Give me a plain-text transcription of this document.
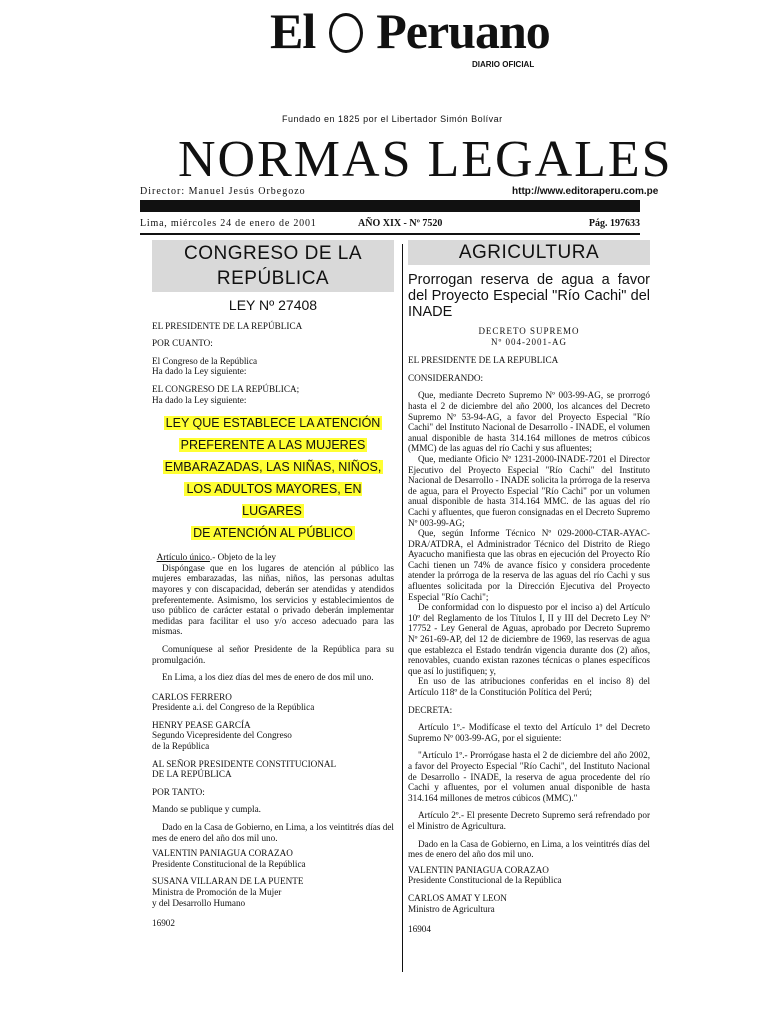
El  Peruano
DIARIO OFICIAL
Fundado en 1825 por el Libertador Simón Bolívar
NORMAS LEGALES
Director: Manuel Jesús Orbegozo	http://www.editoraperu.com.pe
Lima, miércoles 24 de enero de 2001	AÑO XIX - Nº 7520	Pág. 197633
CONGRESO DE LA REPÚBLICA
LEY Nº 27408

EL PRESIDENTE DE LA REPÚBLICA

POR CUANTO:

El Congreso de la República

Ha dado la Ley siguiente:

EL CONGRESO DE LA REPÚBLICA;

Ha dado la Ley siguiente:

LEY QUE ESTABLECE LA ATENCIÓN
PREFERENTE A LAS MUJERES
EMBARAZADAS, LAS NIÑAS, NIÑOS,
LOS ADULTOS MAYORES, EN LUGARES
DE ATENCIÓN AL PÚBLICO

Artículo único.- Objeto de la ley

Dispóngase que en los lugares de atención al público las mujeres embarazadas, las niñas, niños, las personas adultas mayores y con discapacidad, deberán ser atendidas y atendidos preferentemente. Asimismo, los servicios y establecimientos de uso público de carácter estatal o privado deberán implementar medidas para facilitar el uso y/o acceso adecuado para las mismas.

Comuníquese al señor Presidente de la República para su promulgación.

En Lima, a los diez días del mes de enero de dos mil uno.

CARLOS FERRERO

Presidente a.i. del Congreso de la República

HENRY PEASE GARCÍA

Segundo Vicepresidente del Congreso

de la República

AL SEÑOR PRESIDENTE CONSTITUCIONAL

DE LA REPÚBLICA

POR TANTO:

Mando se publique y cumpla.

Dado en la Casa de Gobierno, en Lima, a los veintitrés días del mes de enero del año dos mil uno.

VALENTIN PANIAGUA CORAZAO

Presidente Constitucional de la República

SUSANA VILLARAN DE LA PUENTE

Ministra de Promoción de la Mujer

y del Desarrollo Humano

16902

AGRICULTURA
Prorrogan reserva de agua a favor del Proyecto Especial "Río Cachi" del INADE
DECRETO SUPREMO
Nº 004-2001-AG

EL PRESIDENTE DE LA REPUBLICA

CONSIDERANDO:

Que, mediante Decreto Supremo Nº 003-99-AG, se prorrogó hasta el 2 de diciembre del año 2000, los alcances del Decreto Supremo Nº 53-94-AG, a favor del Proyecto Especial "Río Cachi" del Instituto Nacional de Desarrollo - INADE, el volumen anual disponible de hasta 314.164 millones de metros cúbicos (MMC) de las aguas del río Cachi y sus afluentes;

Que, mediante Oficio Nº 1231-2000-INADE-7201 el Director Ejecutivo del Proyecto Especial "Río Cachi" del Instituto Nacional de Desarrollo - INADE solicita la prórroga de la reserva de agua, para el Proyecto Especial "Río Cachi" por un volumen anual disponible de hasta 314.164 MMC. de las aguas del río Cachi y afluentes, que fueron consignadas en el Decreto Supremo Nº 003-99-AG;

Que, según Informe Técnico Nº 029-2000-CTAR-AYAC-DRA/ATDRA, el Administrador Técnico del Distrito de Riego Ayacucho manifiesta que las obras en ejecución del Proyecto Río Cachi tienen un 74% de avance físico y considera procedente atender la prórroga de la reserva de las aguas del río Cachi y sus afluentes solicitada por la Dirección Ejecutiva del Proyecto Especial "Río Cachi";

De conformidad con lo dispuesto por el inciso a) del Artículo 10º del Reglamento de los Títulos I, II y III del Decreto Ley Nº 17752 - Ley General de Aguas, aprobado por Decreto Supremo Nº 261-69-AP, del 12 de diciembre de 1969, las reservas de agua que establezca el Estado tendrán vigencia durante dos (2) años, renovables, cuando existan razones técnicas o planes específicos que así lo justifiquen; y,

En uso de las atribuciones conferidas en el inciso 8) del Artículo 118º de la Constitución Política del Perú;

DECRETA:

Artículo 1º.- Modifícase el texto del Artículo 1º del Decreto Supremo Nº 003-99-AG, por el siguiente:

"Artículo 1º.- Prorrógase hasta el 2 de diciembre del año 2002, a favor del Proyecto Especial "Río Cachi", del Instituto Nacional de Desarrollo - INADE, la reserva de agua procedente del río Cachi y afluentes, por el volumen anual disponible de hasta 314.164 millones de metros cúbicos (MMC)."

Artículo 2º.- El presente Decreto Supremo será refrendado por el Ministro de Agricultura.

Dado en la Casa de Gobierno, en Lima, a los veintitrés días del mes de enero del año dos mil uno.

VALENTIN PANIAGUA CORAZAO

Presidente Constitucional de la República

CARLOS AMAT Y LEON

Ministro de Agricultura

16904
